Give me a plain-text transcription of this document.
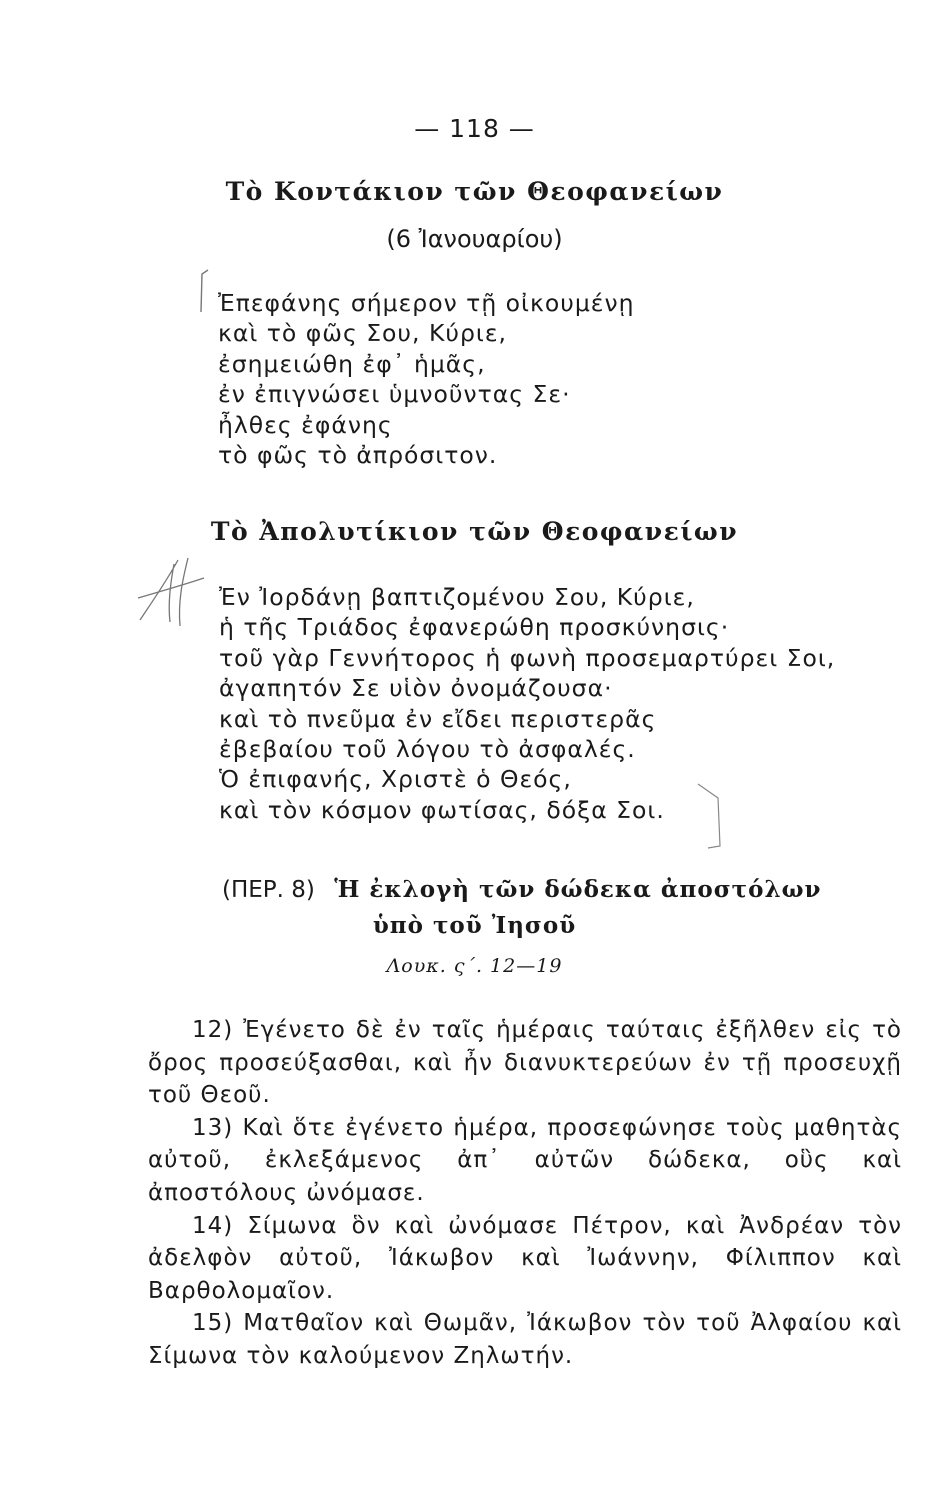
— 118 —
Τὸ Κοντάκιον τῶν Θεοφανείων
(6 Ἰανουαρίου)
Ἐπεφάνης σήμερον τῇ οἰκουμένῃ
καὶ τὸ φῶς Σου, Κύριε,
ἐσημειώθη ἐφ᾽ ἡμᾶς,
ἐν ἐπιγνώσει ὑμνοῦντας Σε·
ἦλθες ἐφάνης
τὸ φῶς τὸ ἀπρόσιτον.
Τὸ Ἀπολυτίκιον τῶν Θεοφανείων
Ἐν Ἰορδάνῃ βαπτιζομένου Σου, Κύριε,
ἡ τῆς Τριάδος ἐφανερώθη προσκύνησις·
τοῦ γὰρ Γεννήτορος ἡ φωνὴ προσεμαρτύρει Σοι,
ἀγαπητόν Σε υἱὸν ὀνομάζουσα·
καὶ τὸ πνεῦμα ἐν εἴδει περιστερᾶς
ἐβεβαίου τοῦ λόγου τὸ ἀσφαλές.
Ὁ ἐπιφανής, Χριστὲ ὁ Θεός,
καὶ τὸν κόσμον φωτίσας, δόξα Σοι.
(ΠΕΡ. 8) Ἡ ἐκλογὴ τῶν δώδεκα ἀποστόλων
ὑπὸ τοῦ Ἰησοῦ
Λουκ. ς΄. 12—19

12) Ἐγένετο δὲ ἐν ταῖς ἡμέραις ταύταις ἐξῆλθεν εἰς τὸ ὄρος προσεύξασθαι, καὶ ἦν διανυκτερεύων ἐν τῇ προσευχῇ τοῦ Θεοῦ.

13) Καὶ ὅτε ἐγένετο ἡμέρα, προσεφώνησε τοὺς μαθητὰς αὐτοῦ, ἐκλεξάμενος ἀπ᾽ αὐτῶν δώδεκα, οὓς καὶ ἀποστόλους ὠνόμασε.

14) Σίμωνα ὃν καὶ ὠνόμασε Πέτρον, καὶ Ἀνδρέαν τὸν ἀδελφὸν αὐτοῦ, Ἰάκωβον καὶ Ἰωάννην, Φίλιππον καὶ Βαρθολομαῖον.

15) Ματθαῖον καὶ Θωμᾶν, Ἰάκωβον τὸν τοῦ Ἀλφαίου καὶ Σίμωνα τὸν καλούμενον Ζηλωτήν.
